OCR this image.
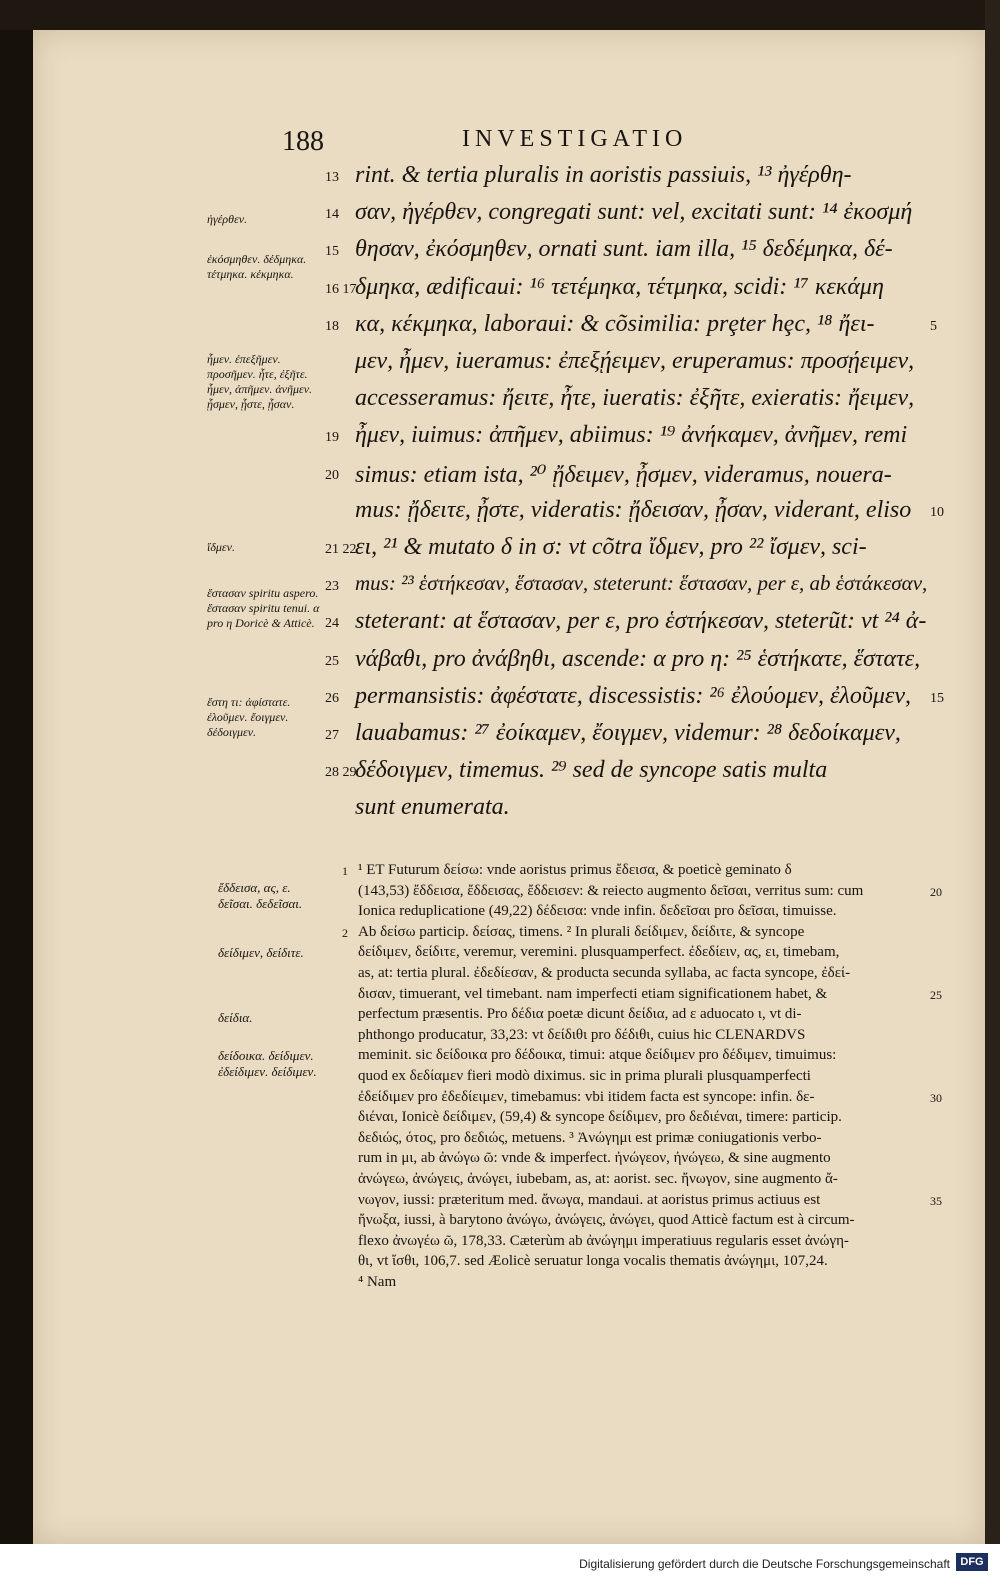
188	INVESTIGATIO
rint. & tertia pluralis in aoristis passiuis, ¹³ ἠγέρθη-
13
σαν, ἠγέρθεν, congregati sunt: vel, excitati sunt: ¹⁴ ἐκοσμή
14
θησαν, ἐκόσμηθεν, ornati sunt. iam illa, ¹⁵ δεδέμηκα, δέ-
15
δμηκα, ædificaui: ¹⁶ τετέμηκα, τέτμηκα, scidi: ¹⁷ κεκάμη
16 17
κα, κέκμηκα, laboraui: & cõsimilia: prȩter hȩc, ¹⁸ ἤει-
18	5
μεν, ἦμεν, iueramus: ἐπεξῄειμεν, eruperamus: προσῄειμεν,
accesseramus: ἤειτε, ἦτε, iueratis: ἐξῆτε, exieratis: ἤειμεν,
ἦμεν, iuimus: ἀπῆμεν, abiimus: ¹⁹ ἀνήκαμεν, ἀνῆμεν, remi
19
simus: etiam ista, ²⁰ ᾔδειμεν, ᾖσμεν, videramus, nouera-
20
mus: ᾔδειτε, ᾖστε, videratis: ᾔδεισαν, ᾖσαν, viderant, eliso	10
ει, ²¹ & mutato δ in σ: vt cõtra ἴδμεν, pro ²² ἴσμεν, sci-
21 22
mus: ²³ ἑστήκεσαν, ἕστασαν, steterunt: ἕστασαν, per ε, ab ἑστάκεσαν,
23
steterant: at ἕστασαν, per ε, pro ἑστήκεσαν, steterũt: vt ²⁴ ἀ-
24
νάβαθι, pro ἀνάβηθι, ascende: α pro η: ²⁵ ἑστήκατε, ἕστατε,
25
permansistis: ἀφέστατε, discessistis: ²⁶ ἐλούομεν, ἐλοῦμεν,
26	15
lauabamus: ²⁷ ἐοίκαμεν, ἔοιγμεν, videmur: ²⁸ δεδοίκαμεν,
27
δέδοιγμεν, timemus. ²⁹ sed de syncope satis multa
28 29
sunt enumerata.
ἠγέρθεν.
ἐκόσμηθεν. δέδμηκα. τέτμηκα. κέκμηκα.
ἦμεν. ἐπεξῆμεν. προσῆμεν. ἦτε, ἐξῆτε. ἦμεν, ἀπῆμεν. ἀνῆμεν. ᾖσμεν, ᾖστε, ᾖσαν.
ἴδμεν.
ἕστασαν spiritu aspero. ἕστασαν spiritu tenui. α pro η Doricè & Atticè.
ἕστη τι: ἀφίστατε. ἐλοῦμεν. ἔοιγμεν. δέδοιγμεν.
¹ ET Futurum δείσω: vnde aoristus primus ἔδεισα, & poeticè geminato δ
1
(143,53) ἔδδεισα, ἔδδεισας, ἔδδεισεν: & reiecto augmento δεῖσαι, verritus sum: cum	20
Ionica reduplicatione (49,22) δέδεισα: vnde infin. δεδεῖσαι pro δεῖσαι, timuisse.
Ab δείσω particip. δείσας, timens. ² In plurali δείδιμεν, δείδιτε, & syncope
2
δείδιμεν, δείδιτε, veremur, veremini. plusquamperfect. ἐδεδίειν, ας, ει, timebam,
as, at: tertia plural. ἐδεδίεσαν, & producta secunda syllaba, ac facta syncope, ἐδεί-
δισαν, timuerant, vel timebant. nam imperfecti etiam significationem habet, &	25
perfectum præsentis. Pro δέδια poetæ dicunt δείδια, ad ε aduocato ι, vt di-
phthongo producatur, 33,23: vt δείδιθι pro δέδιθι, cuius hic CLENARDVS
meminit. sic δείδοικα pro δέδοικα, timui: atque δείδιμεν pro δέδιμεν, timuimus:
quod ex δεδίαμεν fieri modò diximus. sic in prima plurali plusquamperfecti
ἐδείδιμεν pro ἐδεδίειμεν, timebamus: vbi itidem facta est syncope: infin. δε-	30
διέναι, Ionicè δείδιμεν, (59,4) & syncope δείδιμεν, pro δεδιέναι, timere: particip.
δεδιώς, ότος, pro δεδιώς, metuens. ³ Ἀνώγημι est primæ coniugationis verbo-
rum in μι, ab ἀνώγω ῶ: vnde & imperfect. ἠνώγεον, ἠνώγεω, & sine augmento
ἀνώγεω, ἀνώγεις, ἀνώγει, iubebam, as, at: aorist. sec. ἤνωγον, sine augmento ἄ-
νωγον, iussi: præteritum med. ἄνωγα, mandaui. at aoristus primus actiuus est	35
ἤνωξα, iussi, à barytono ἀνώγω, ἀνώγεις, ἀνώγει, quod Atticè factum est à circum-
flexo ἀνωγέω ῶ, 178,33. Cæterùm ab ἀνώγημι imperatiuus regularis esset ἀνώγη-
θι, vt ἴσθι, 106,7. sed Æolicè seruatur longa vocalis thematis ἀνώγημι, 107,24.
⁴ Nam
ἔδδεισα, ας, ε. δεῖσαι. δεδεῖσαι.
δείδιμεν, δείδιτε.
δείδια.
δείδοικα. δείδιμεν. ἐδείδιμεν. δείδιμεν.
Digitalisierung gefördert durch die Deutsche Forschungsgemeinschaft DFG
